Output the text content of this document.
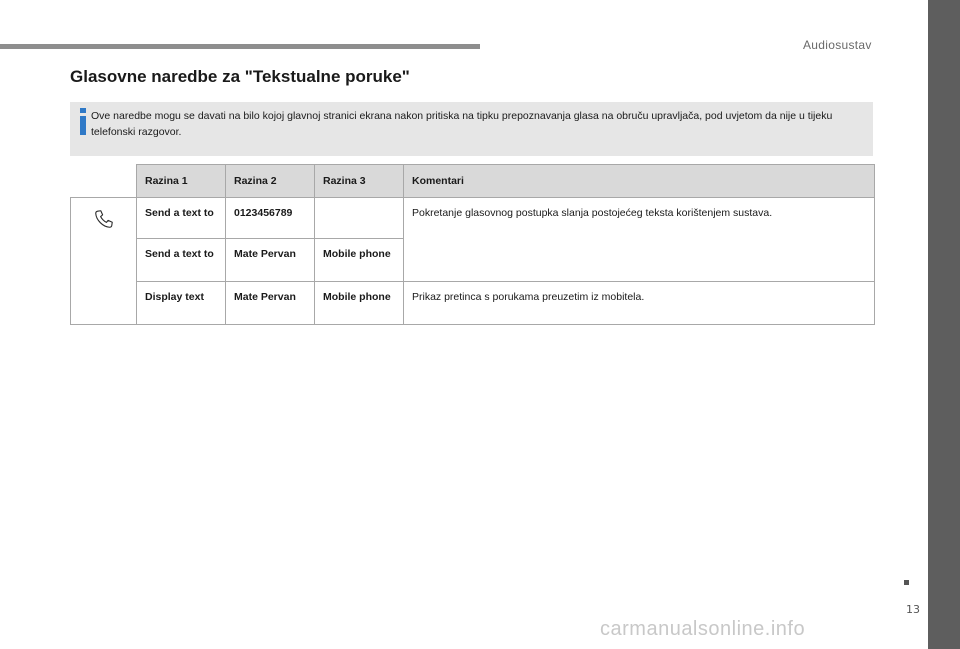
Audiosustav
Glasovne naredbe za "Tekstualne poruke"
Ove naredbe mogu se davati na bilo kojoj glavnoj stranici ekrana nakon pritiska na tipku prepoznavanja glasa na obruču upravljača, pod uvjetom da nije u tijeku telefonski razgovor.
	Razina 1	Razina 2	Razina 3	Komentari
	Send a text to	0123456789		Pokretanje glasovnog postupka slanja postojećeg teksta korištenjem sustava.
	Send a text to	Mate Pervan	Mobile phone	
	Display text	Mate Pervan	Mobile phone	Prikaz pretinca s porukama preuzetim iz mobitela.
13
carmanualsonline.info
